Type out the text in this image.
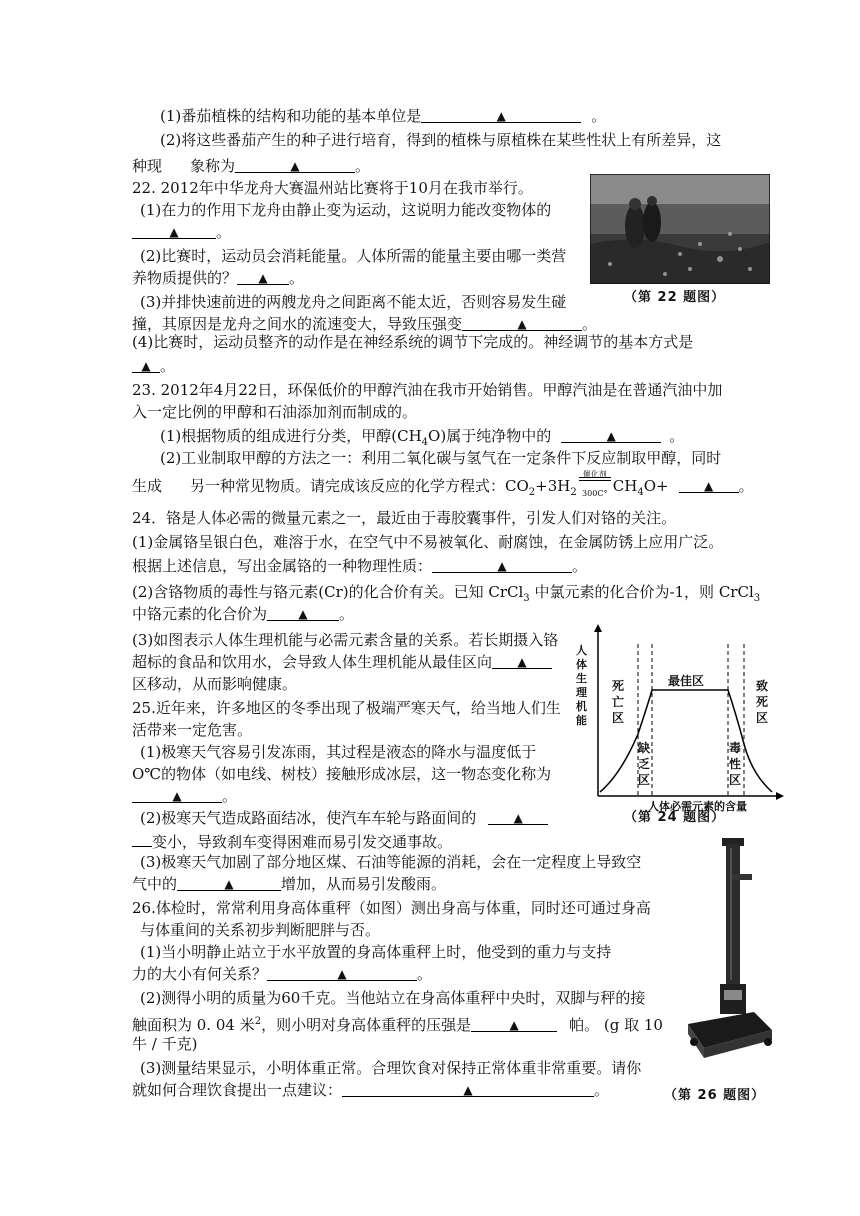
(1)番茄植株的结构和功能的基本单位是	▲	。
(2)将这些番茄产生的种子进行培育，得到的植株与原植株在某些性状上有所差异，这
种现 象称为	▲	。
22. 2012年中华龙舟大赛温州站比赛将于10月在我市举行。
(1)在力的作用下龙舟由静止变为运动，这说明力能改变物体的
▲ 。
(2)比赛时，运动员会消耗能量。人体所需的能量主要由哪一类营
养物质提供的？ ▲ 。
(3)并排快速前进的两艘龙舟之间距离不能太近，否则容易发生碰
撞，其原因是龙舟之间水的流速变大，导致压强变	▲	。
(4)比赛时，运动员整齐的动作是在神经系统的调节下完成的。神经调节的基本方式是
▲ 。
（第 22 题图）
23. 2012年4月22日，环保低价的甲醇汽油在我市开始销售。甲醇汽油是在普通汽油中加
入一定比例的甲醇和石油添加剂而制成的。
(1)根据物质的组成进行分类，甲醇$(CH_4O)$属于纯净物中的	▲	。
(2)工业制取甲醇的方法之一：利用二氧化碳与氢气在一定条件下反应制取甲醇，同时
生成 另一种常见物质。请完成该反应的化学方程式：$CO_2+3H_2$
催化剂
300C° $CH_4O+$	▲ 。
24．铬是人体必需的微量元素之一，最近由于毒胶囊事件，引发人们对铬的关注。
(1)金属铬呈银白色，难溶于水，在空气中不易被氧化、耐腐蚀，在金属防锈上应用广泛。
根据上述信息，写出金属铬的一种物理性质：	▲	。
(2)含铬物质的毒性与铬元素(Cr)的化合价有关。已知 CrCl$_3$ 中氯元素的化合价为-1，则 CrCl$_3$
中铬元素的化合价为	▲ 。
(3)如图表示人体生理机能与必需元素含量的关系。若长期摄入铬
超标的食品和饮用水，会导致人体生理机能从最佳区向 ▲
区移动，从而影响健康。
人体生理机能
死亡区
缺乏区
最佳区
毒性区
致死区
人体必需元素的含量
（第 24 题图）
25.近年来，许多地区的冬季出现了极端严寒天气，给当地人们生
活带来一定危害。
(1)极寒天气容易引发冻雨，其过程是液态的降水与温度低于
O℃的物体（如电线、树枝）接触形成冰层，这一物态变化称为
▲	。
(2)极寒天气造成路面结冰，使汽车车轮与路面间的	▲
变小，导致刹车变得困难而易引发交通事故。
(3)极寒天气加剧了部分地区煤、石油等能源的消耗，会在一定程度上导致空
气中的	▲	增加，从而易引发酸雨。
26.体检时，常常利用身高体重秤（如图）测出身高与体重，同时还可通过身高
与体重间的关系初步判断肥胖与否。
(1)当小明静止站立于水平放置的身高体重秤上时，他受到的重力与支持
力的大小有何关系？	▲	。
(2)测得小明的质量为60千克。当他站立在身高体重秤中央时，双脚与秤的接
触面积为 0. 04 米$^2$，则小明对身高体重秤的压强是	▲	帕。 (g 取 10
牛 / 千克)
(3)测量结果显示，小明体重正常。合理饮食对保持正常体重非常重要。请你
就如何合理饮食提出一点建议：	▲	。	（第 26 题图）
